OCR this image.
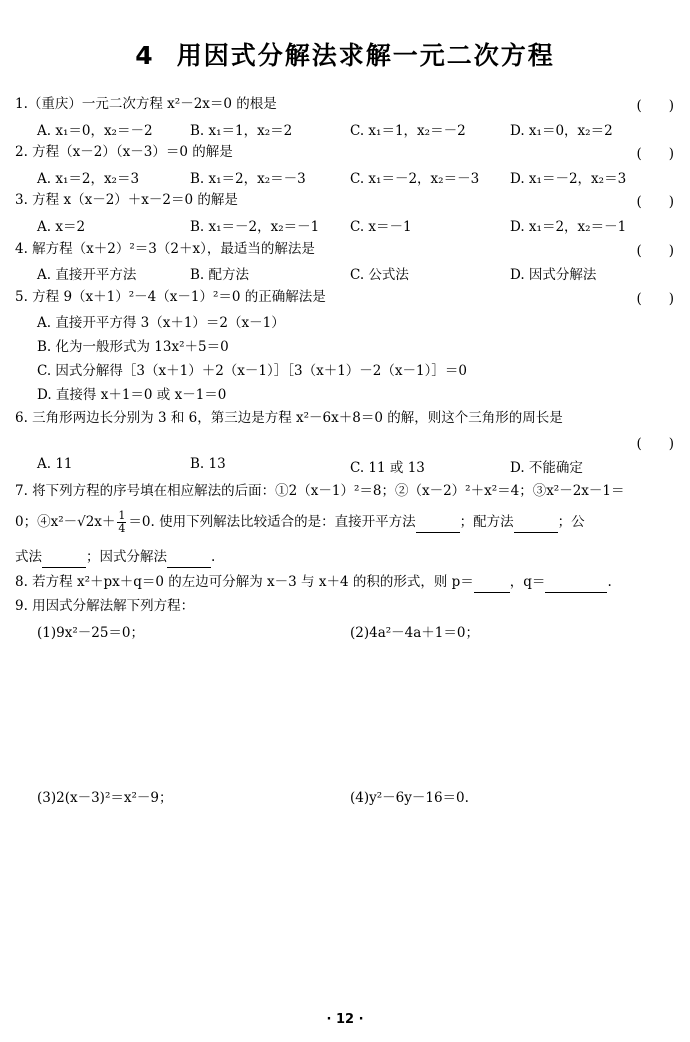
4 用因式分解法求解一元二次方程
1.（重庆）一元二次方程 x²－2x＝0 的根是	(　　)
A. x₁＝0，x₂＝－2	B. x₁＝1，x₂＝2	C. x₁＝1，x₂＝－2	D. x₁＝0，x₂＝2
2. 方程（x－2）（x－3）＝0 的解是	(　　)
A. x₁＝2，x₂＝3	B. x₁＝2，x₂＝－3	C. x₁＝－2，x₂＝－3 D. x₁＝－2，x₂＝3
3. 方程 x（x－2）＋x－2＝0 的解是	(　　)
A. x＝2	B. x₁＝－2，x₂＝－1 C. x＝－1	D. x₁＝2，x₂＝－1
4. 解方程（x＋2）²＝3（2＋x），最适当的解法是	(　　)
A. 直接开平方法	B. 配方法	C. 公式法	D. 因式分解法
5. 方程 9（x＋1）²－4（x－1）²＝0 的正确解法是	(　　)
A. 直接开平方得 3（x＋1）＝2（x－1）
B. 化为一般形式为 13x²＋5＝0
C. 因式分解得［3（x＋1）＋2（x－1）］［3（x＋1）－2（x－1）］＝0
D. 直接得 x＋1＝0 或 x－1＝0
6. 三角形两边长分别为 3 和 6，第三边是方程 x²－6x＋8＝0 的解，则这个三角形的周长是
(　　)
A. 11	B. 13	C. 11 或 13	D. 不能确定
7. 将下列方程的序号填在相应解法的后面：①2（x－1）²＝8；②（x－2）²＋x²＝4；③x²－2x－1＝
0；④x²－√2x＋ $\frac{1}{4} =0$. 使用下列解法比较适合的是：直接开平方法	；配方法	；公
式法	；因式分解法	.
8. 若方程 x²＋px＋q＝0 的左边可分解为 x－3 与 x＋4 的积的形式，则 p＝	，q＝	.
9. 用因式分解法解下列方程：
(1)9x²－25＝0；	(2)4a²－4a＋1＝0；
(3)2(x－3)²＝x²－9；	(4)y²－6y－16＝0.
· 12 ·
